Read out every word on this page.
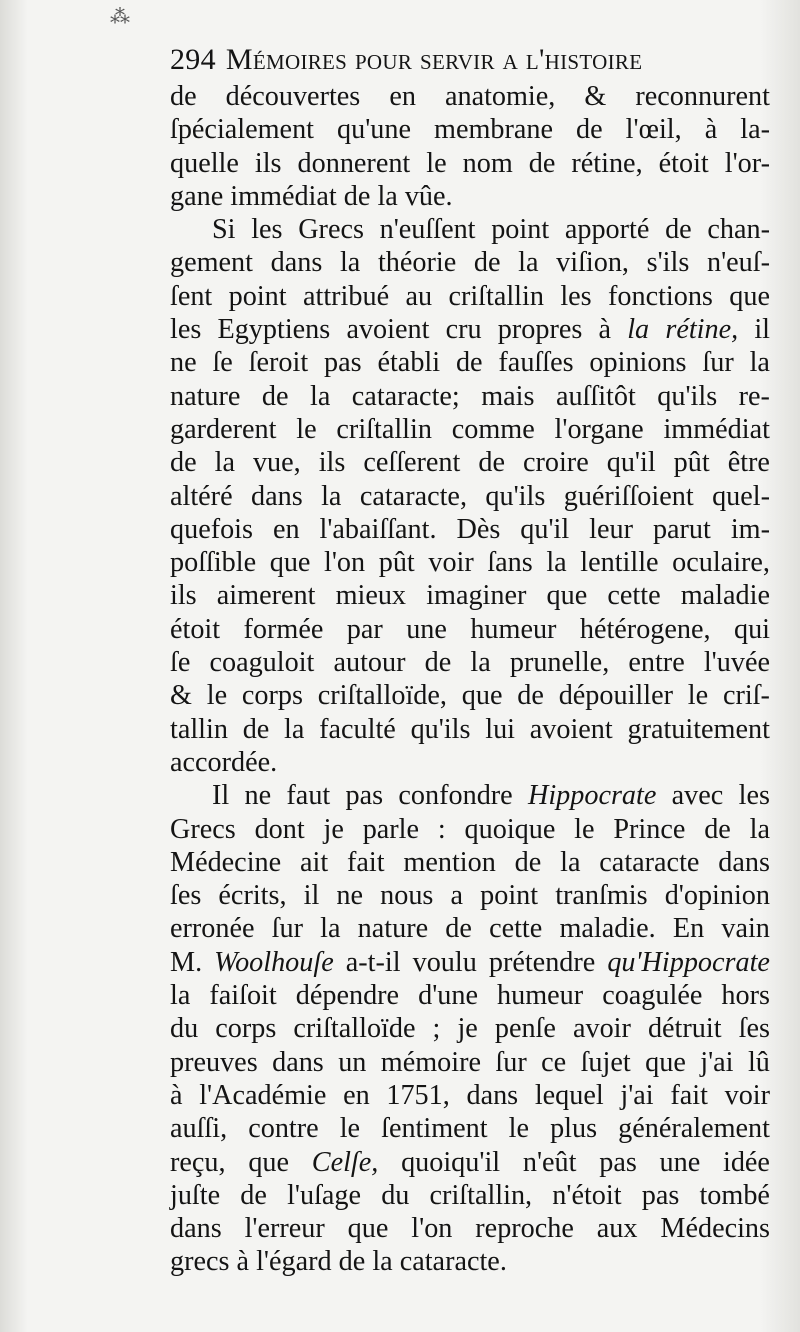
⁂
294 Mémoires pour servir a l'histoire
de découvertes en anatomie, & reconnurent
ſpécialement qu'une membrane de l'œil, à la-
quelle ils donnerent le nom de rétine, étoit l'or-
gane
immédiat
de
la
vûe.
Si les Grecs n'euſſent point apporté de chan-
gement dans la théorie de la viſion, s'ils n'euſ-
ſent point attribué au criſtallin les fonctions que
les Egyptiens avoient cru propres à la rétine, il
ne ſe ſeroit pas établi de fauſſes opinions ſur la
nature de la cataracte; mais auſſitôt qu'ils re-
garderent le criſtallin comme l'organe immédiat
de la vue, ils ceſſerent de croire qu'il pût être
altéré dans la cataracte, qu'ils guériſſoient quel-
quefois en l'abaiſſant. Dès qu'il leur parut im-
poſſible que l'on pût voir ſans la lentille oculaire,
ils aimerent mieux imaginer que cette maladie
étoit formée par une humeur hétérogene, qui
ſe coaguloit autour de la prunelle, entre l'uvée
& le corps criſtalloïde, que de dépouiller le criſ-
tallin de la faculté qu'ils lui avoient gratuitement
accordée.
Il ne faut pas confondre Hippocrate avec les
Grecs dont je parle : quoique le Prince de la
Médecine ait fait mention de la cataracte dans
ſes écrits, il ne nous a point tranſmis d'opinion
erronée ſur la nature de cette maladie. En vain
M. Woolhouſe a-t-il voulu prétendre qu'Hippocrate
la faiſoit dépendre d'une humeur coagulée hors
du corps criſtalloïde ; je penſe avoir détruit ſes
preuves dans un mémoire ſur ce ſujet que j'ai lû
à l'Académie en 1751, dans lequel j'ai fait voir
auſſi, contre le ſentiment le plus généralement
reçu, que Celſe, quoiqu'il n'eût pas une idée
juſte de l'uſage du criſtallin, n'étoit pas tombé
dans l'erreur que l'on reproche aux Médecins
grecs
à
l'égard
de
la
cataracte.
